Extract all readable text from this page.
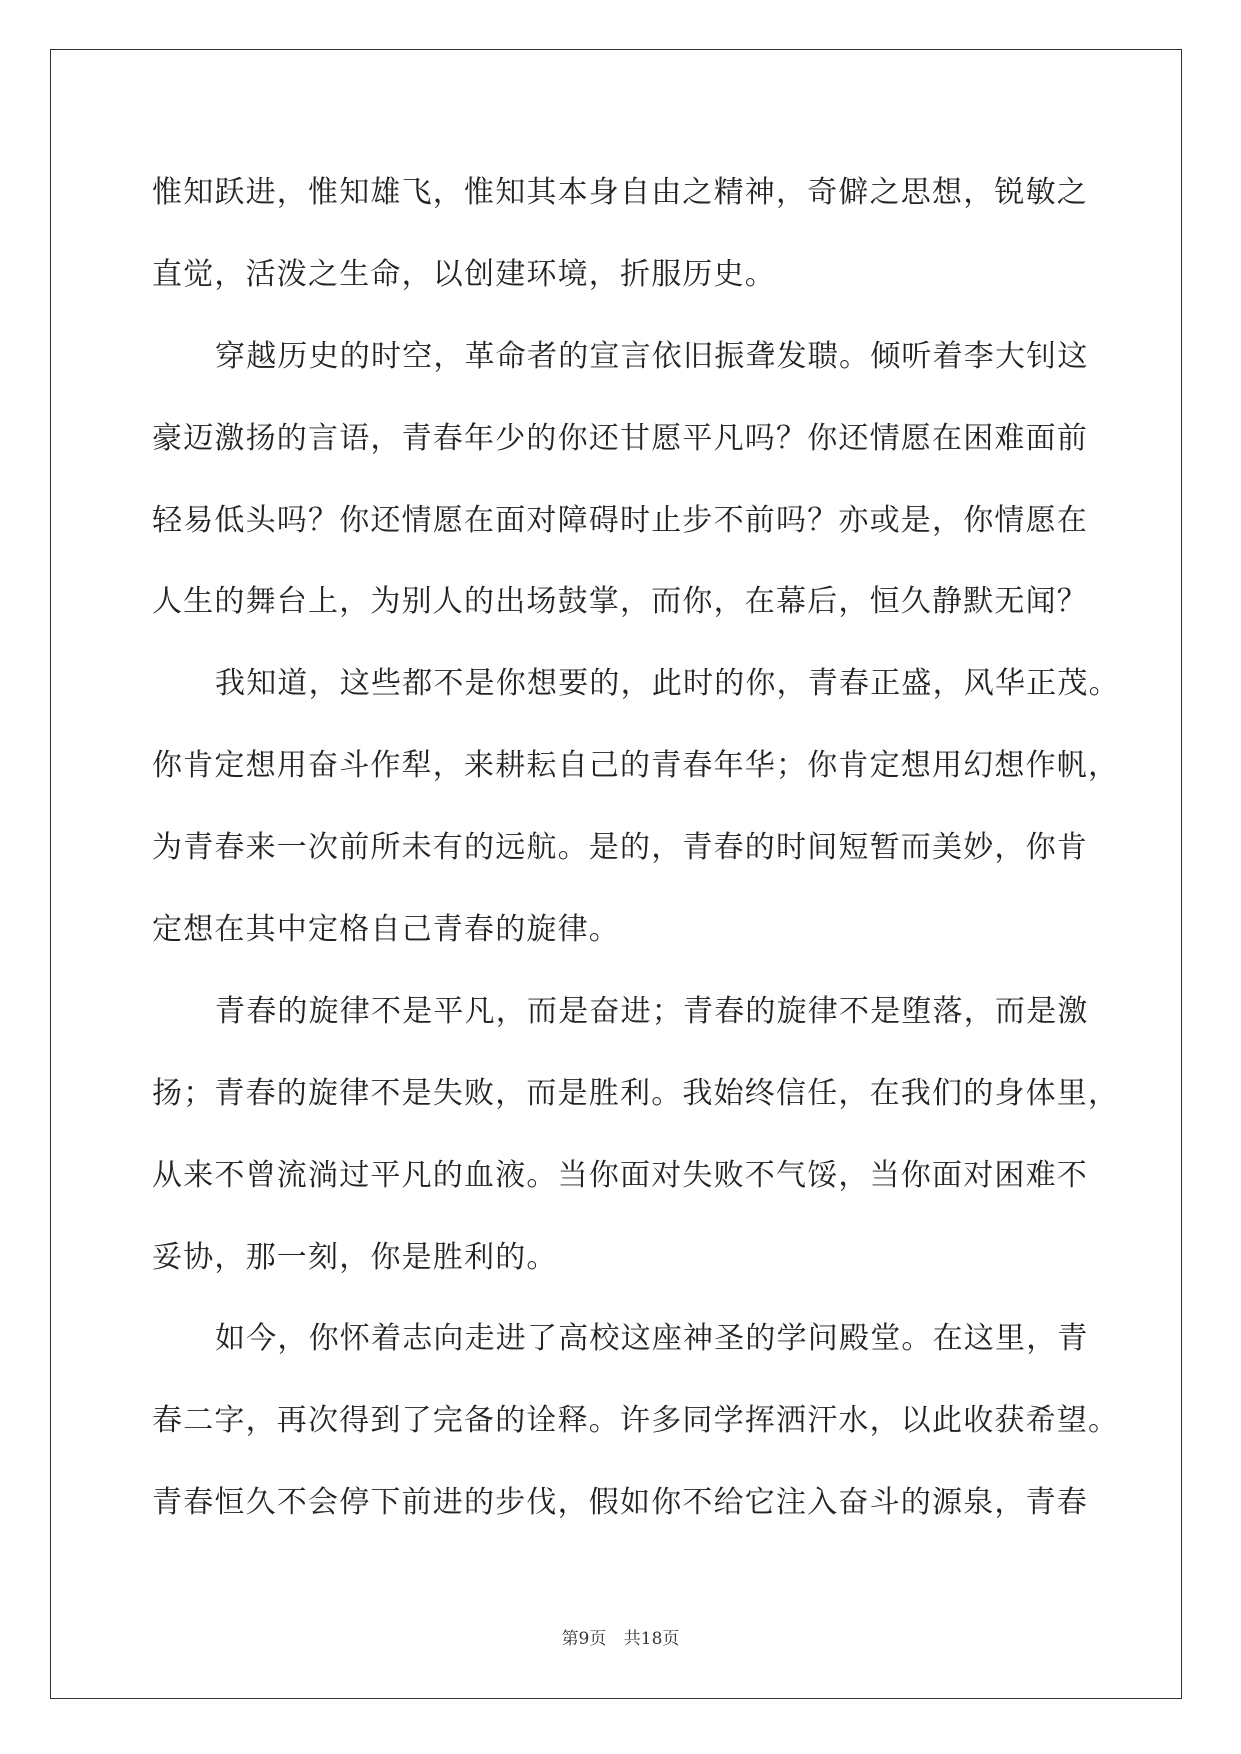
惟知跃进，惟知雄飞，惟知其本身自由之精神，奇僻之思想，锐敏之
直觉，活泼之生命，以创建环境，折服历史。
穿越历史的时空，革命者的宣言依旧振聋发聩。倾听着李大钊这
豪迈激扬的言语，青春年少的你还甘愿平凡吗？你还情愿在困难面前
轻易低头吗？你还情愿在面对障碍时止步不前吗？亦或是，你情愿在
人生的舞台上，为别人的出场鼓掌，而你，在幕后，恒久静默无闻？
我知道，这些都不是你想要的，此时的你，青春正盛，风华正茂。
你肯定想用奋斗作犁，来耕耘自己的青春年华；你肯定想用幻想作帆，
为青春来一次前所未有的远航。是的，青春的时间短暂而美妙，你肯
定想在其中定格自己青春的旋律。
青春的旋律不是平凡，而是奋进；青春的旋律不是堕落，而是激
扬；青春的旋律不是失败，而是胜利。我始终信任，在我们的身体里，
从来不曾流淌过平凡的血液。当你面对失败不气馁，当你面对困难不
妥协，那一刻，你是胜利的。
如今，你怀着志向走进了高校这座神圣的学问殿堂。在这里，青
春二字，再次得到了完备的诠释。许多同学挥洒汗水，以此收获希望。
青春恒久不会停下前进的步伐，假如你不给它注入奋斗的源泉，青春
第9页 共18页
